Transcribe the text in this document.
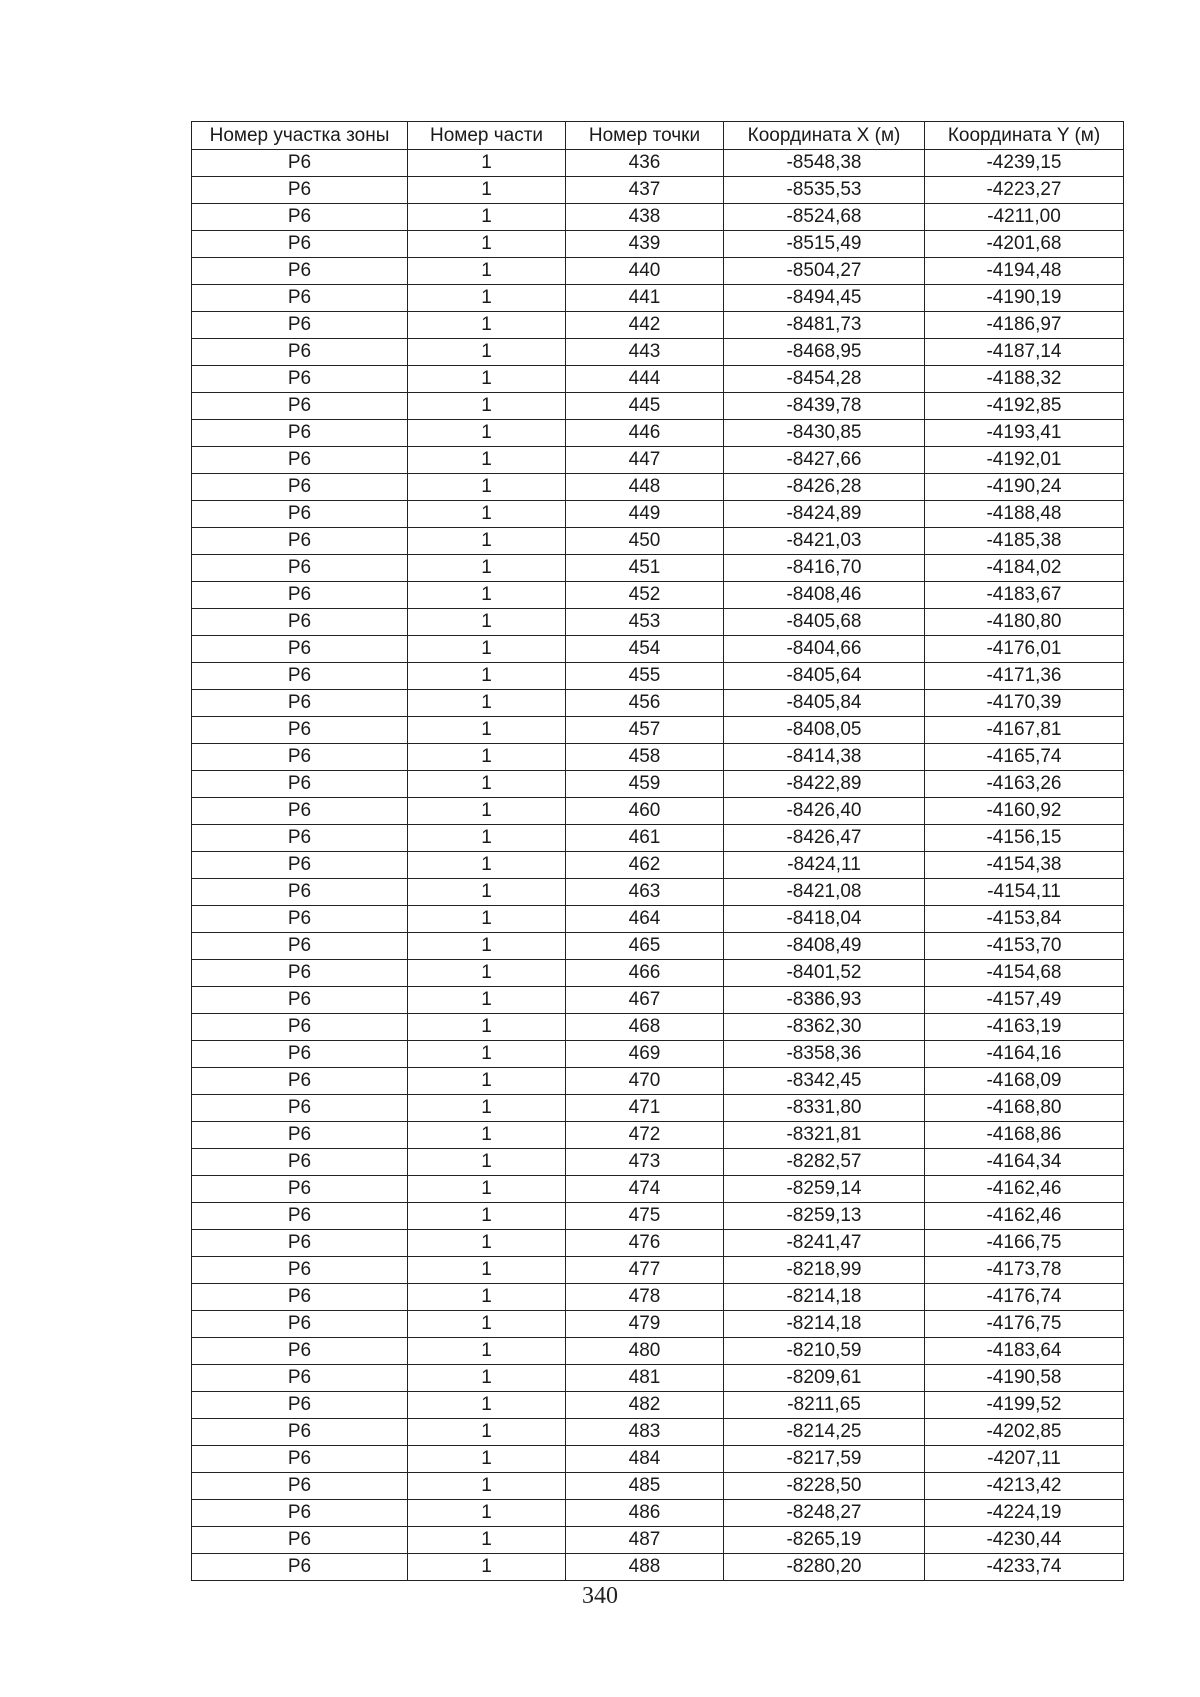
Номер участка зоны	Номер части	Номер точки	Координата X (м)	Координата Y (м)
Р6	1	436	-8548,38	-4239,15
Р6	1	437	-8535,53	-4223,27
Р6	1	438	-8524,68	-4211,00
Р6	1	439	-8515,49	-4201,68
Р6	1	440	-8504,27	-4194,48
Р6	1	441	-8494,45	-4190,19
Р6	1	442	-8481,73	-4186,97
Р6	1	443	-8468,95	-4187,14
Р6	1	444	-8454,28	-4188,32
Р6	1	445	-8439,78	-4192,85
Р6	1	446	-8430,85	-4193,41
Р6	1	447	-8427,66	-4192,01
Р6	1	448	-8426,28	-4190,24
Р6	1	449	-8424,89	-4188,48
Р6	1	450	-8421,03	-4185,38
Р6	1	451	-8416,70	-4184,02
Р6	1	452	-8408,46	-4183,67
Р6	1	453	-8405,68	-4180,80
Р6	1	454	-8404,66	-4176,01
Р6	1	455	-8405,64	-4171,36
Р6	1	456	-8405,84	-4170,39
Р6	1	457	-8408,05	-4167,81
Р6	1	458	-8414,38	-4165,74
Р6	1	459	-8422,89	-4163,26
Р6	1	460	-8426,40	-4160,92
Р6	1	461	-8426,47	-4156,15
Р6	1	462	-8424,11	-4154,38
Р6	1	463	-8421,08	-4154,11
Р6	1	464	-8418,04	-4153,84
Р6	1	465	-8408,49	-4153,70
Р6	1	466	-8401,52	-4154,68
Р6	1	467	-8386,93	-4157,49
Р6	1	468	-8362,30	-4163,19
Р6	1	469	-8358,36	-4164,16
Р6	1	470	-8342,45	-4168,09
Р6	1	471	-8331,80	-4168,80
Р6	1	472	-8321,81	-4168,86
Р6	1	473	-8282,57	-4164,34
Р6	1	474	-8259,14	-4162,46
Р6	1	475	-8259,13	-4162,46
Р6	1	476	-8241,47	-4166,75
Р6	1	477	-8218,99	-4173,78
Р6	1	478	-8214,18	-4176,74
Р6	1	479	-8214,18	-4176,75
Р6	1	480	-8210,59	-4183,64
Р6	1	481	-8209,61	-4190,58
Р6	1	482	-8211,65	-4199,52
Р6	1	483	-8214,25	-4202,85
Р6	1	484	-8217,59	-4207,11
Р6	1	485	-8228,50	-4213,42
Р6	1	486	-8248,27	-4224,19
Р6	1	487	-8265,19	-4230,44
Р6	1	488	-8280,20	-4233,74
340
